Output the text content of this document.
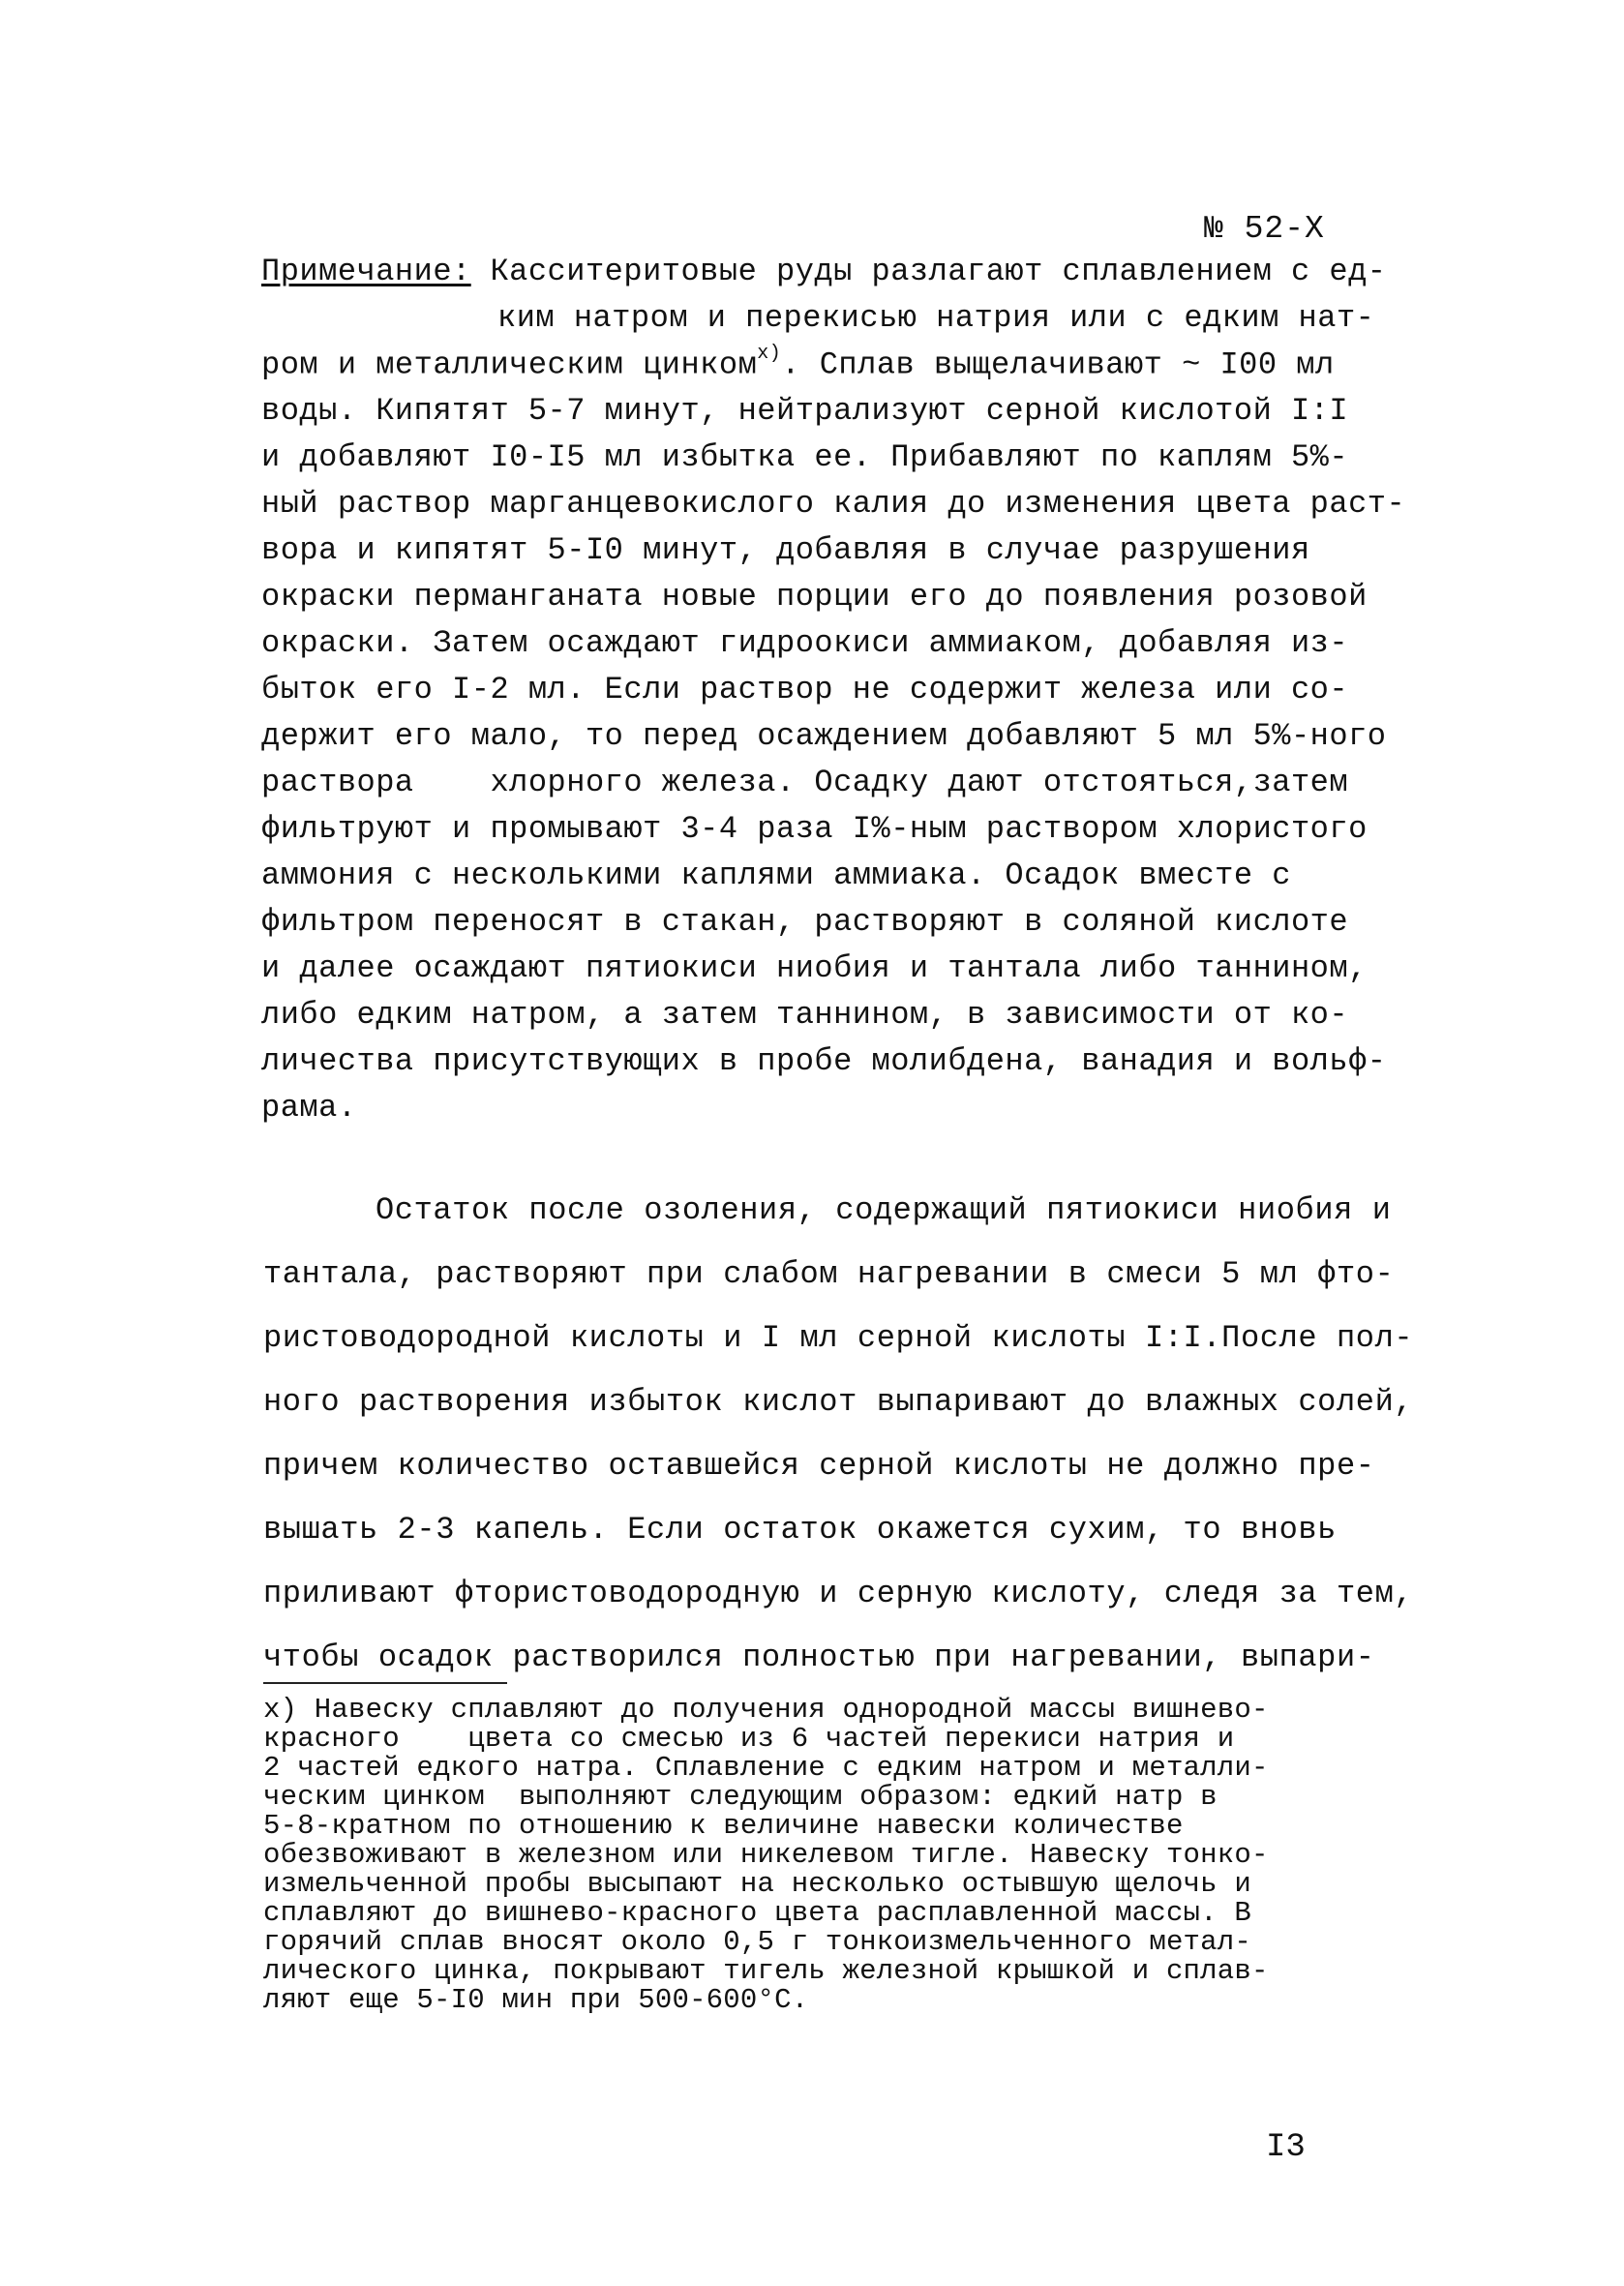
№ 52-Х
Примечание: Касситеритовые руды разлагают сплавлением с ед-
ким натром и перекисью натрия или с едким нат-
ром и металлическим цинком$^{x)}$. Сплав выщелачивают ~ I00 мл
воды. Кипятят 5-7 минут, нейтрализуют серной кислотой I:I
и добавляют I0-I5 мл избытка ее. Прибавляют по каплям 5%-
ный раствор марганцевокислого калия до изменения цвета раст-
вора и кипятят 5-I0 минут, добавляя в случае разрушения
окраски перманганата новые порции его до появления розовой
окраски. Затем осаждают гидроокиси аммиаком, добавляя из-
быток его I-2 мл. Если раствор не содержит железа или со-
держит его мало, то перед осаждением добавляют 5 мл 5%-ного
раствора    хлорного железа. Осадку дают отстояться,затем
фильтруют и промывают 3-4 раза I%-ным раствором хлористого
аммония с несколькими каплями аммиака. Осадок вместе с
фильтром переносят в стакан, растворяют в соляной кислоте
и далее осаждают пятиокиси ниобия и тантала либо таннином,
либо едким натром, а затем таннином, в зависимости от ко-
личества присутствующих в пробе молибдена, ванадия и вольф-
рама.
Остаток после озоления, содержащий пятиокиси ниобия и
тантала, растворяют при слабом нагревании в смеси 5 мл фто-
ристоводородной кислоты и I мл серной кислоты I:I.После пол-
ного растворения избыток кислот выпаривают до влажных солей,
причем количество оставшейся серной кислоты не должно пре-
вышать 2-3 капель. Если остаток окажется сухим, то вновь
приливают фтористоводородную и серную кислоту, следя за тем,
чтобы осадок растворился полностью при нагревании, выпари-
x) Навеску сплавляют до получения однородной массы вишнево-
красного    цвета со смесью из 6 частей перекиси натрия и
2 частей едкого натра. Сплавление с едким натром и металли-
ческим цинком  выполняют следующим образом: едкий натр в
5-8-кратном по отношению к величине навески количестве
обезвоживают в железном или никелевом тигле. Навеску тонко-
измельченной пробы высыпают на несколько остывшую щелочь и
сплавляют до вишнево-красного цвета расплавленной массы. В
горячий сплав вносят около 0,5 г тонкоизмельченного метал-
лического цинка, покрывают тигель железной крышкой и сплав-
ляют еще 5-I0 мин при 500-600°С.
I3
